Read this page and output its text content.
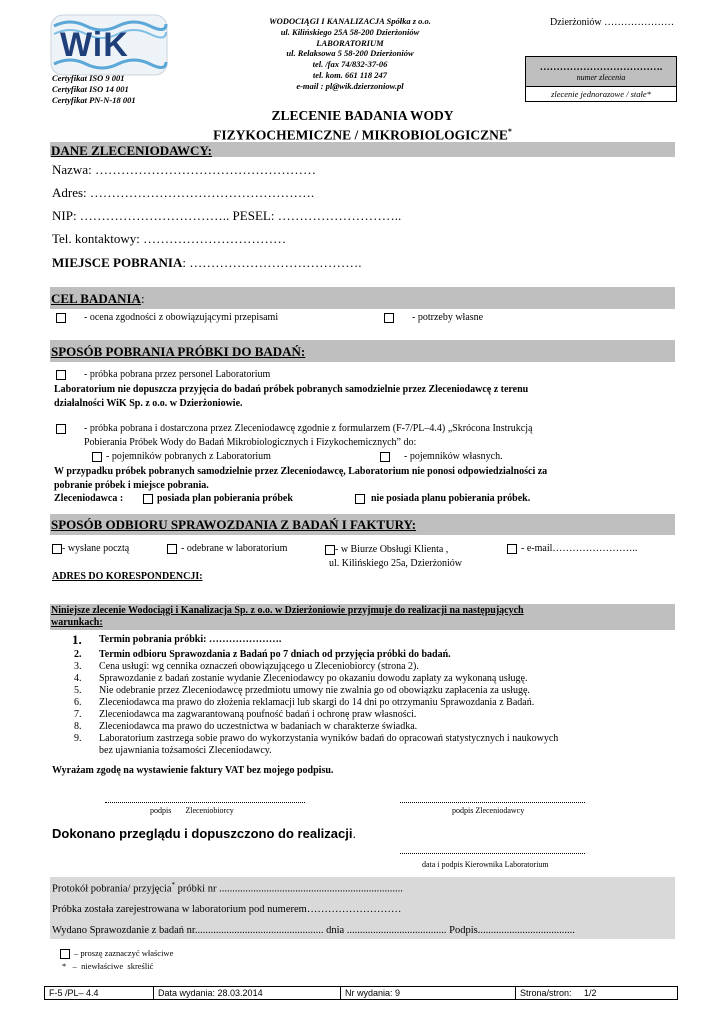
WiK
Certyfikat ISO 9 001
Certyfikat ISO 14 001
Certyfikat PN-N-18 001
WODOCIĄGI I KANALIZACJA Spółka z o.o.
ul. Kilińskiego 25A 58-200 Dzierżoniów
LABORATORIUM
ul. Relaksowa 5 58-200 Dzierżoniów
tel. /fax 74/832-37-06
tel. kom. 661 118 247
e-mail : pl@wik.dzierzoniow.pl
Dzierżoniów …………………
……………………………….
numer zlecenia
zlecenie jednorazowe / stałe*
ZLECENIE BADANIA WODY
FIZYKOCHEMICZNE / MIKROBIOLOGICZNE*
DANE ZLECENIODAWCY:
Nazwa: ……………………………………………
Adres: …………………………………………….
NIP: …………………………….. PESEL: ………………………..
Tel. kontaktowy: ……………………………
MIEJSCE POBRANIA: ………………………………….
CEL BADANIA:
- ocena zgodności z obowiązującymi przepisami	- potrzeby własne
SPOSÓB POBRANIA PRÓBKI DO BADAŃ:
- próbka pobrana przez personel Laboratorium
Laboratorium nie dopuszcza przyjęcia do badań próbek pobranych samodzielnie przez Zleceniodawcę z terenu
działalności WiK Sp. z o.o. w Dzierżoniowie.
- próbka pobrana i dostarczona przez Zleceniodawcę zgodnie z formularzem (F-7/PL–4.4) „Skrócona Instrukcją
Pobierania Próbek Wody do Badań Mikrobiologicznych i Fizykochemicznych” do:
- pojemników pobranych z Laboratorium	- pojemników własnych.
W przypadku próbek pobranych samodzielnie przez Zleceniodawcę, Laboratorium nie ponosi odpowiedzialności za
pobranie próbek i miejsce pobrania.
Zleceniodawca :	posiada plan pobierania próbek	nie posiada planu pobierania próbek.
SPOSÓB ODBIORU SPRAWOZDANIA Z BADAŃ I FAKTURY:
- wysłane pocztą	- odebrane w laboratorium	- w Biurze Obsługi Klienta ,
ul. Kilińskiego 25a, Dzierżoniów
- e-mail……………………..
ADRES DO KORESPONDENCJI:
Niniejsze zlecenie Wodociągi i Kanalizacja Sp. z o.o. w Dzierżoniowie przyjmuje do realizacji na następujących
warunkach:
1. Termin pobrania próbki: ………………….
2. Termin odbioru Sprawozdania z Badań po 7 dniach od przyjęcia próbki do badań.
3. Cena usługi: wg cennika oznaczeń obowiązującego u Zleceniobiorcy (strona 2).
4. Sprawozdanie z badań zostanie wydanie Zleceniodawcy po okazaniu dowodu zapłaty za wykonaną usługę.
5. Nie odebranie przez Zleceniodawcę przedmiotu umowy nie zwalnia go od obowiązku zapłacenia za usługę.
6. Zleceniodawca ma prawo do złożenia reklamacji lub skargi do 14 dni po otrzymaniu Sprawozdania z Badań.
7. Zleceniodawca ma zagwarantowaną poufność badań i ochronę praw własności.
8. Zleceniodawca ma prawo do uczestnictwa w badaniach w charakterze świadka.
9. Laboratorium zastrzega sobie prawo do wykorzystania wyników badań do opracowań statystycznych i naukowych
bez ujawniania tożsamości Zleceniodawcy.
Wyrażam zgodę na wystawienie faktury VAT bez mojego podpisu.
podpis       Zleceniobiorcy	podpis Zleceniodawcy
Dokonano przeglądu i dopuszczono do realizacji.
data i podpis Kierownika Laboratorium
Protokół pobrania/ przyjęcia* próbki nr ......................................................................
Próbka została zarejestrowana w laboratorium pod numerem………………………
Wydano Sprawozdanie z badań nr................................................. dnia ...................................... Podpis.....................................
– proszę zaznaczyć właściwe
*   –  niewłaściwe  skreślić
F-5 /PL– 4.4	Data wydania: 28.03.2014	Nr wydania: 9	Strona/stron:     1/2
